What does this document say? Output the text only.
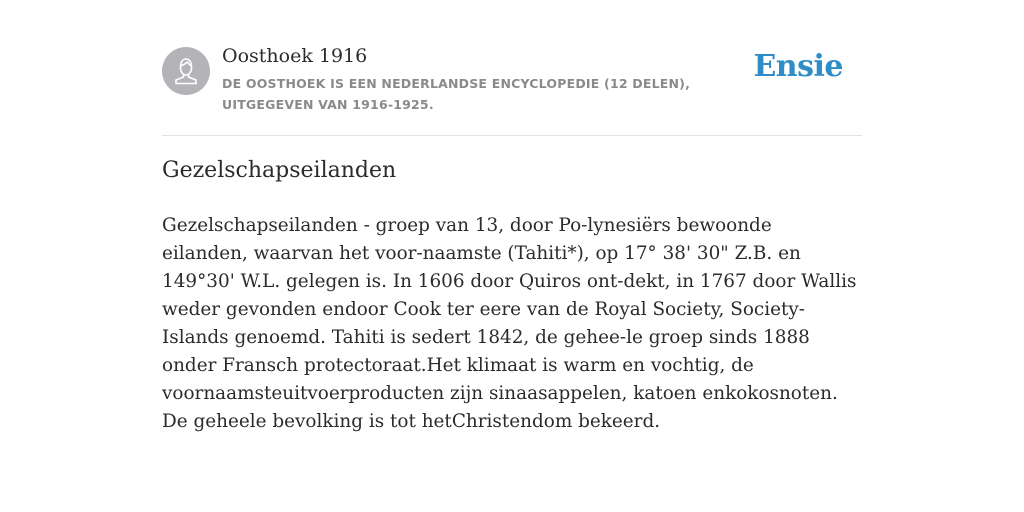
Oosthoek 1916
DE OOSTHOEK IS EEN NEDERLANDSE ENCYCLOPEDIE (12 DELEN), UITGEGEVEN VAN 1916-1925.
Ensie
Gezelschapseilanden

Gezelschapseilanden - groep van 13, door Po-lynesiërs bewoonde eilanden, waarvan het voor-naamste (Tahiti*), op 17° 38' 30" Z.B. en 149°30' W.L. gelegen is. In 1606 door Quiros ont-dekt, in 1767 door Wallis weder gevonden endoor Cook ter eere van de Royal Society, Society-Islands genoemd. Tahiti is sedert 1842, de gehee-le groep sinds 1888 onder Fransch protectoraat.Het klimaat is warm en vochtig, de voornaamsteuitvoerproducten zijn sinaasappelen, katoen enkokosnoten. De geheele bevolking is tot hetChristendom bekeerd.
